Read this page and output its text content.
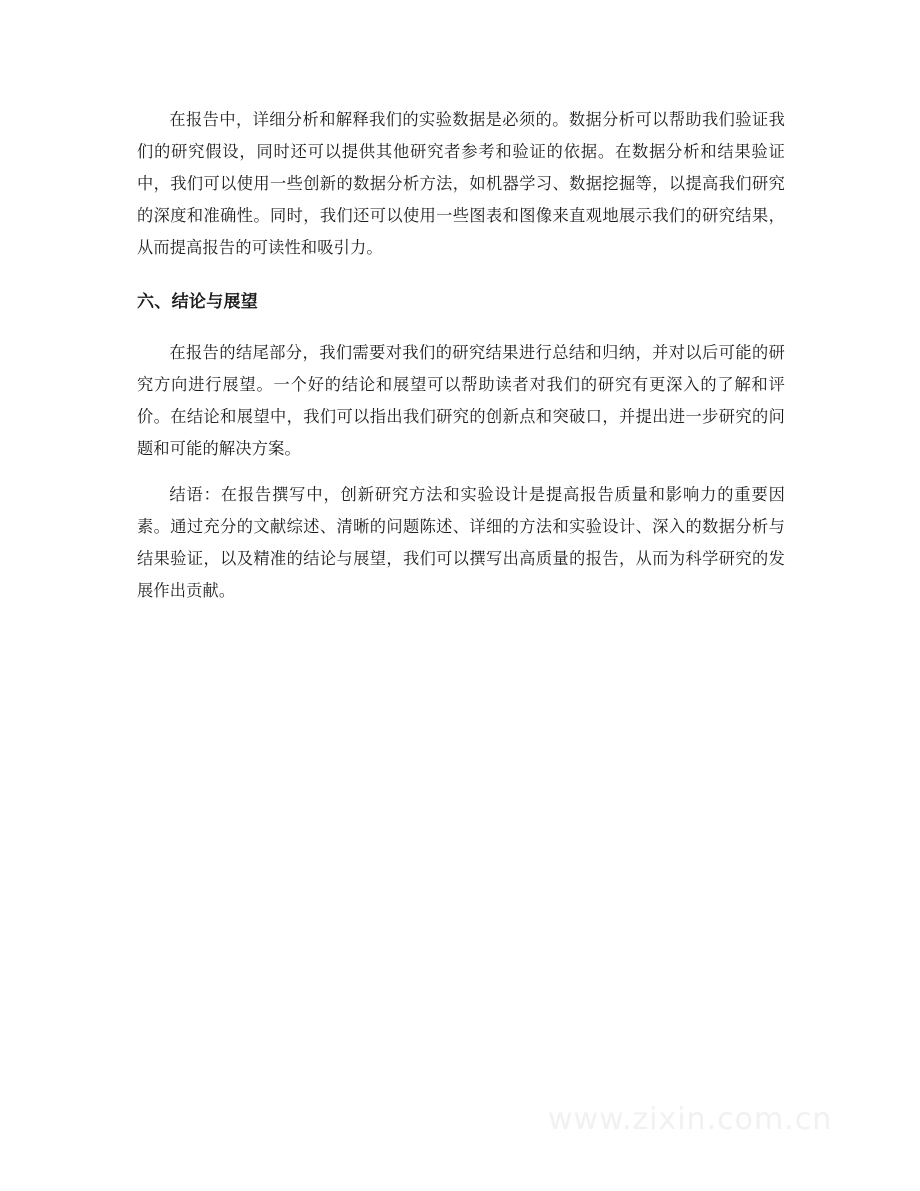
在报告中，详细分析和解释我们的实验数据是必须的。数据分析可以帮助我们验证我们的研究假设，同时还可以提供其他研究者参考和验证的依据。在数据分析和结果验证中，我们可以使用一些创新的数据分析方法，如机器学习、数据挖掘等，以提高我们研究的深度和准确性。同时，我们还可以使用一些图表和图像来直观地展示我们的研究结果，从而提高报告的可读性和吸引力。

六、结论与展望

在报告的结尾部分，我们需要对我们的研究结果进行总结和归纳，并对以后可能的研究方向进行展望。一个好的结论和展望可以帮助读者对我们的研究有更深入的了解和评价。在结论和展望中，我们可以指出我们研究的创新点和突破口，并提出进一步研究的问题和可能的解决方案。

结语：在报告撰写中，创新研究方法和实验设计是提高报告质量和影响力的重要因素。通过充分的文献综述、清晰的问题陈述、详细的方法和实验设计、深入的数据分析与结果验证，以及精准的结论与展望，我们可以撰写出高质量的报告，从而为科学研究的发展作出贡献。

www.zixin.com.cn
